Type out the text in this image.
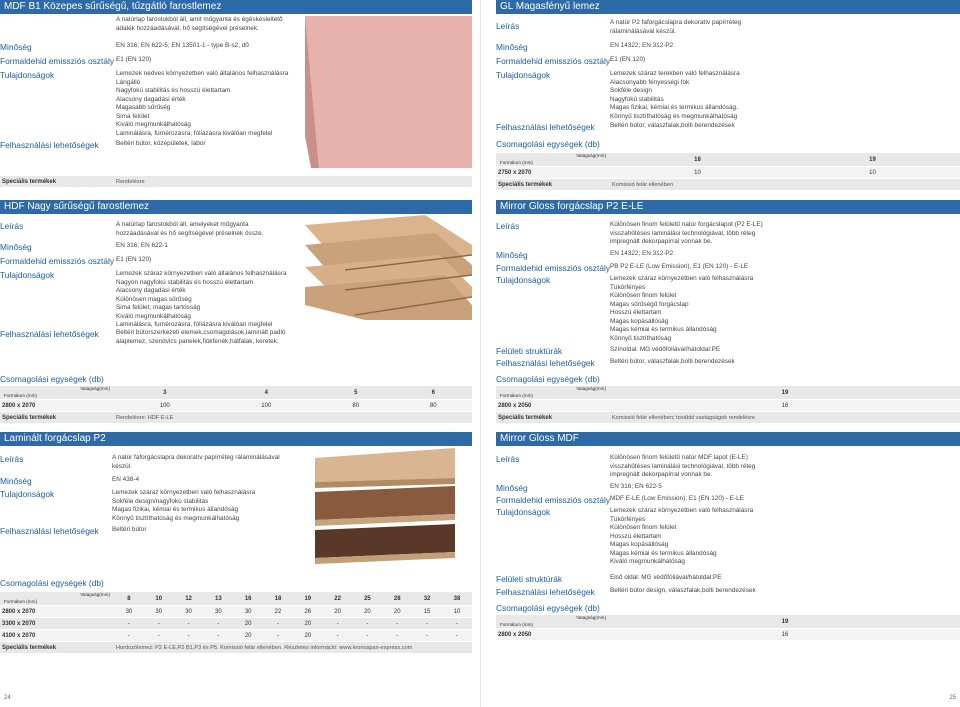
MDF B1 Közepes sűrűségű, tűzgátló farostlemez
A natúrlap farostokból áll, amit műgyanta és égéskésleltető
adalék hozzáadásával, hő segítségével préselnek.
Minőség	EN 316; EN 622-5; EN 13501-1 - type B-s2, d0
Formaldehid emissziós osztály E1 (EN 120)
Tulajdonságok	Lemezek nedves környezetben való általános felhasználásra
Lángálló
Nagyfokú stabilitás és hosszú élettartam
Alacsony dagadási érték
Magasabb sűrűség
Sima felület
Kiváló megmunkálhatóság
Laminálásra, furnérozásra, fóliázásra kiválóan megfelel
Felhasználási lehetőségek	Beltéri bútor, középületek, labor
Speciális termékek	Rendelésre
GL Magasfényű lemez
Leírás	A natúr P2 faforgácslapra dekoratív papírréteg
rálaminálásával készül.
Minőség	EN 14322; EN 312-P2
Formaldehid emissziós osztály E1 (EN 120)
Tulajdonságok	Lemezek száraz terekben való felhasználásra
Alacsonyabb fényességi fok
Sokféle design
Nagyfokú stabilitás
Magas fizikai, kémiai és termikus állandóság.
Könnyű tisztíthatóság és megmunkálhatóság
Felhasználási lehetőségek Beltéri bútor, válaszfalak,bolti berendezések
Csomagolási egységek (db)
Formátum (mm)
Vatagság(mm)	18	19
2750 x 2070	10	10
Speciális termékek	Komissió felár ellenében	
HDF Nagy sűrűségű farostlemez
Leírás	A natúrlap farostokból áll, amelyeket műgyanta
hozzáadásával és hő segítségével préselnek össze.
Minőség	EN 316; EN 622-1
Formaldehid emissziós osztály E1 (EN 120)
Tulajdonságok	Lemezek száraz környezetben való általános felhasználásra
Nagyon nagyfokú stabilitás és hosszú élettartam
Alacsony dagadási érték
Különösen magas sűrűség
Sima felület, magas tartósság
Kiváló megmunkálhatóság
Laminálásra, furnérozásra, fóliázásra kiválóan megfelel
Felhasználási lehetőségek	Beltéri bútorszerkezeti elemek,csomagolások,laminált padló
alaplemez, szendvics panelek,fiókfenék,hátfalak, keretek.
Csomagolási egységek (db)
Formátum (mm)
Vatagság(mm)	3	4	5	6
2800 x 2070	100	100	80	80
Speciális termékek	Rendelésre: HDF E-LE			
Mirror Gloss forgácslap P2 E-LE
Leírás	Különösen finom felületű natúr forgácslapot (P2 E-LE)
visszahűtéses laminálási technológiával, több réteg
impregnált dekorpapírral vonnak be.
Minőség	EN 14322; EN 312-P2
Formaldehid emissziós osztály PB P2 E-LE (Low Emission), E1 (EN 120) - E-LE
Tulajdonságok	Lemezek száraz környezetben való felhasználásra
Tükörfényes
Különösen finom felület
Magas sűrűségű forgácslap
Hosszú élettartam
Magas kopásállóság
Magas kémiai és termikus állandóság
Könnyű tisztíthatóság
Felületi struktúrák	Színoldal: MG védőfóliával/hátoldal:PE
Felhasználási lehetőségek Beltéri bútor, válaszfalak,bolti berendezések
Csomagolási egységek (db)
Formátum (mm)
Vatagság(mm)	19
2800 x 2050	16
Speciális termékek	Komissió felár ellenében; további vastagságok rendelésre
Laminált forgácslap P2
Leírás	A natúr faforgácslapra dekoratív papírréteg rálaminálásával
készül.
Minőség	EN 438-4
Tulajdonságok	Lemezek száraz környezetben való felhasználásra
Sokféle design/nagyfokú stabilitás
Magas fizikai, kémiai és termikus állandóság
Könnyű tisztíthatóság és megmunkálhatóság
Felhasználási lehetőségek Beltéri bútor
Csomagolási egységek (db)
Formátum (mm)
Vatagság(mm)	8	10	12	13	16	18	19	22	25	28	32	38
2800 x 2070	30	30	30	30	30	22	26	20	20	20	15	10
3300 x 2070	-	-	-	-	20	-	20	-	-	-	-	-
4100 x 2070	-	-	-	-	20	-	20	-	-	-	-	-
Speciális termékek	Hordozólemez: P2 E-LE,P2 B1,P3 és P5. Komissió felár ellenében. Részletes információ: www.kronospan-express.com											
Mirror Gloss MDF
Leírás	Különösen finom felületű natúr MDF lapot (E-LE)
visszahűtéses laminálási technológiával, több réteg
impregnált dekorpapírral vonnak be.
Minőség	EN 316; EN 622-5
Formaldehid emissziós osztály MDF E-LE (Low Emission); E1 (EN 120) - E-LE
Tulajdonságok	Lemezek száraz környezetben való felhasználásra
Tükörfényes
Különösen finom felület
Hosszú élettartam
Magas kopásállóság
Magas kémiai és termikus állandóság
Kiváló megmunkálhatóság
Felületi struktúrák	Első oldal: MG védőfóliával/hátoldal:PE
Felhasználási lehetőségek Beltéri bútor design, válaszfalak,bolti berendezések
Csomagolási egységek (db)
Formátum (mm)
Vatagság(mm)	19
2800 x 2050	16
24	25
